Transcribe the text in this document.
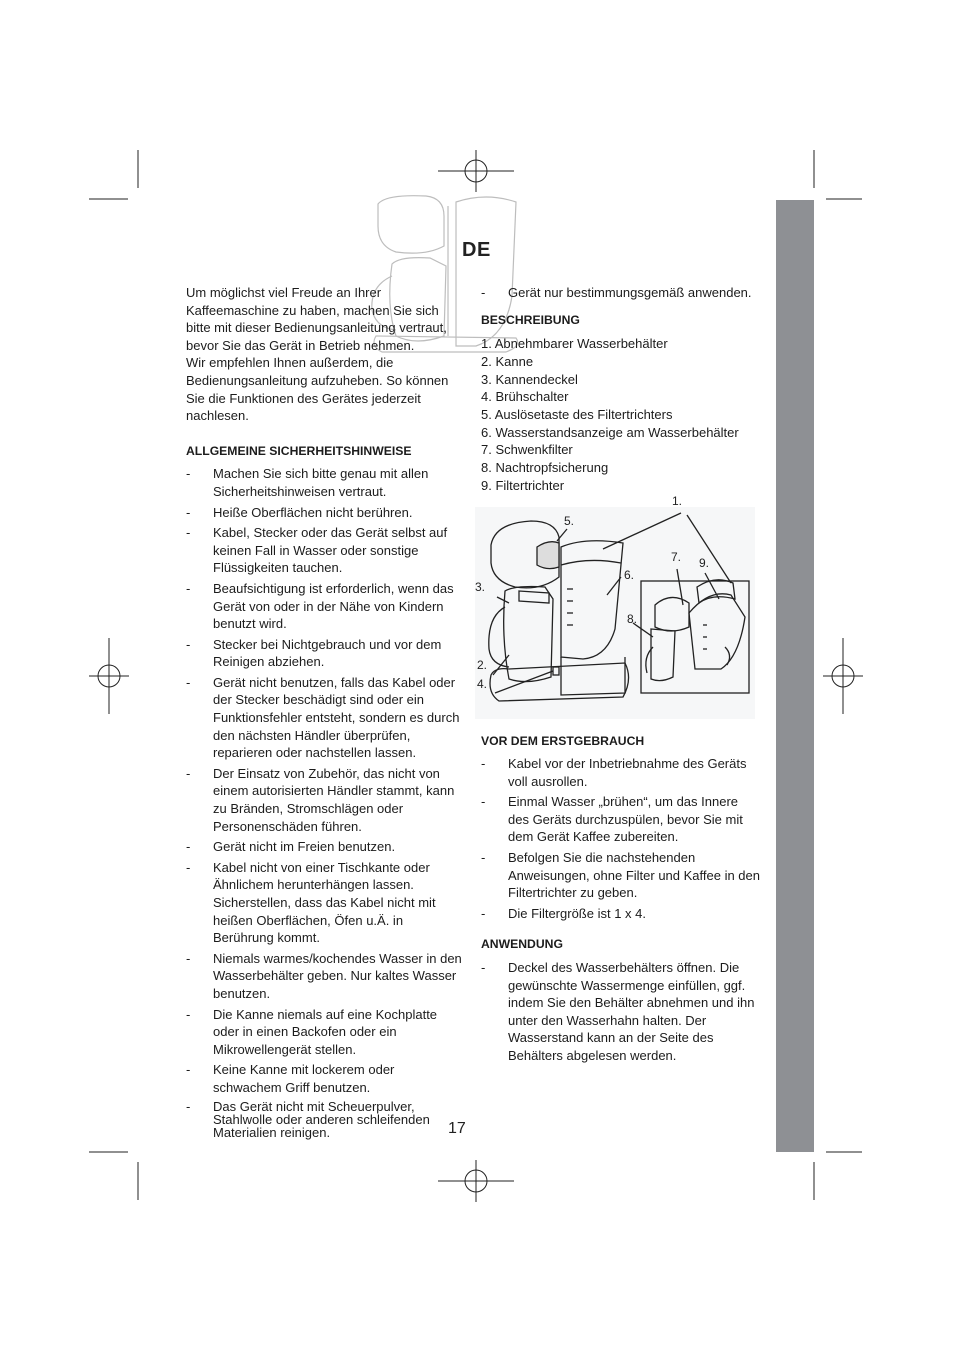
DE

Um möglichst viel Freude an Ihrer Kaffeemaschine zu haben, machen Sie sich bitte mit dieser Bedienungsanleitung vertraut, bevor Sie das Gerät in Betrieb nehmen.

Wir empfehlen Ihnen außerdem, die Bedienungsanleitung aufzuheben. So können Sie die Funktionen des Gerätes jederzeit nachlesen.

ALLGEMEINE SICHERHEITSHINWEISE
- Machen Sie sich bitte genau mit allen Sicherheitshinweisen vertraut.
- Heiße Oberflächen nicht berühren.
- Kabel, Stecker oder das Gerät selbst auf keinen Fall in Wasser oder sonstige Flüssigkeiten tauchen.
- Beaufsichtigung ist erforderlich, wenn das Gerät von oder in der Nähe von Kindern benutzt wird.
- Stecker bei Nichtgebrauch und vor dem Reinigen abziehen.
- Gerät nicht benutzen, falls das Kabel oder der Stecker beschädigt sind oder ein Funktionsfehler entsteht, sondern es durch den nächsten Händler überprüfen, reparieren oder nachstellen lassen.
- Der Einsatz von Zubehör, das nicht von einem autorisierten Händler stammt, kann zu Bränden, Stromschlägen oder Personenschäden führen.
- Gerät nicht im Freien benutzen.
- Kabel nicht von einer Tischkante oder Ähnlichem herunterhängen lassen. Sicherstellen, dass das Kabel nicht mit heißen Oberflächen, Öfen u.Ä. in Berührung kommt.
- Niemals warmes/kochendes Wasser in den Wasserbehälter geben. Nur kaltes Wasser benutzen.
- Die Kanne niemals auf eine Kochplatte oder in einen Backofen oder ein Mikrowellengerät stellen.
- Keine Kanne mit lockerem oder schwachem Griff benutzen.
- Das Gerät nicht mit Scheuerpulver, Stahlwolle oder anderen schleifenden Materialien reinigen.
- Gerät nur bestimmungsgemäß anwenden.
BESCHREIBUNG
1. Abnehmbarer Wasserbehälter
2. Kanne
3. Kannendeckel
4. Brühschalter
5. Auslösetaste des Filtertrichters
6. Wasserstandsanzeige am Wasserbehälter
7. Schwenkfilter
8. Nachtropfsicherung
9. Filtertrichter
1.
2.
3.
4.
5.
6.
7.
8.
9.
VOR DEM ERSTGEBRAUCH
- Kabel vor der Inbetriebnahme des Geräts voll ausrollen.
- Einmal Wasser „brühen“, um das Innere des Geräts durchzuspülen, bevor Sie mit dem Gerät Kaffee zubereiten.
- Befolgen Sie die nachstehenden Anweisungen, ohne Filter und Kaffee in den Filtertrichter zu geben.
- Die Filtergröße ist 1 x 4.
ANWENDUNG
- Deckel des Wasserbehälters öffnen. Die gewünschte Wassermenge einfüllen, ggf. indem Sie den Behälter abnehmen und ihn unter den Wasserhahn halten. Der Wasserstand kann an der Seite des Behälters abgelesen werden.
17
